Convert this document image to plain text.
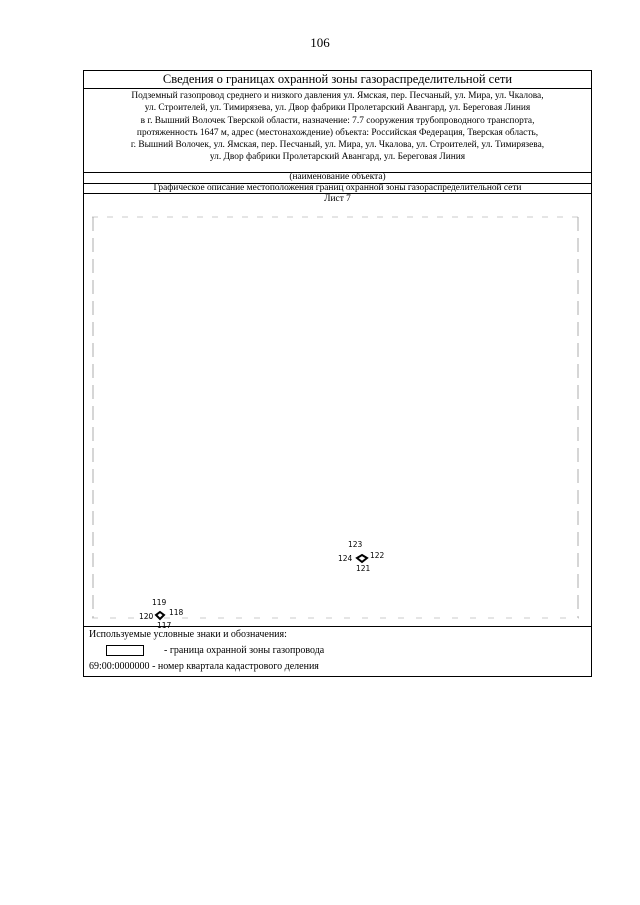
106
Сведения о границах охранной зоны газораспределительной сети
Подземный газопровод среднего и низкого давления ул. Ямская, пер. Песчаный, ул. Мира, ул. Чкалова,
ул. Строителей, ул. Тимирязева, ул. Двор фабрики Пролетарский Авангард, ул. Береговая Линия
в г. Вышний Волочек Тверской области, назначение: 7.7 сооружения трубопроводного транспорта,
протяженность 1647 м, адрес (местонахождение) объекта: Российская Федерация, Тверская область,
г. Вышний Волочек, ул. Ямская, пер. Песчаный, ул. Мира, ул. Чкалова, ул. Строителей, ул. Тимирязева,
ул. Двор фабрики Пролетарский Авангард, ул. Береговая Линия
(наименование объекта)
Графическое описание местоположения границ охранной зоны газораспределительной сети
Лист 7
123
124 122
121
119
120 118
117
Используемые условные знаки и обозначения:
- граница охранной зоны газопровода
69:00:0000000 - номер квартала кадастрового деления
